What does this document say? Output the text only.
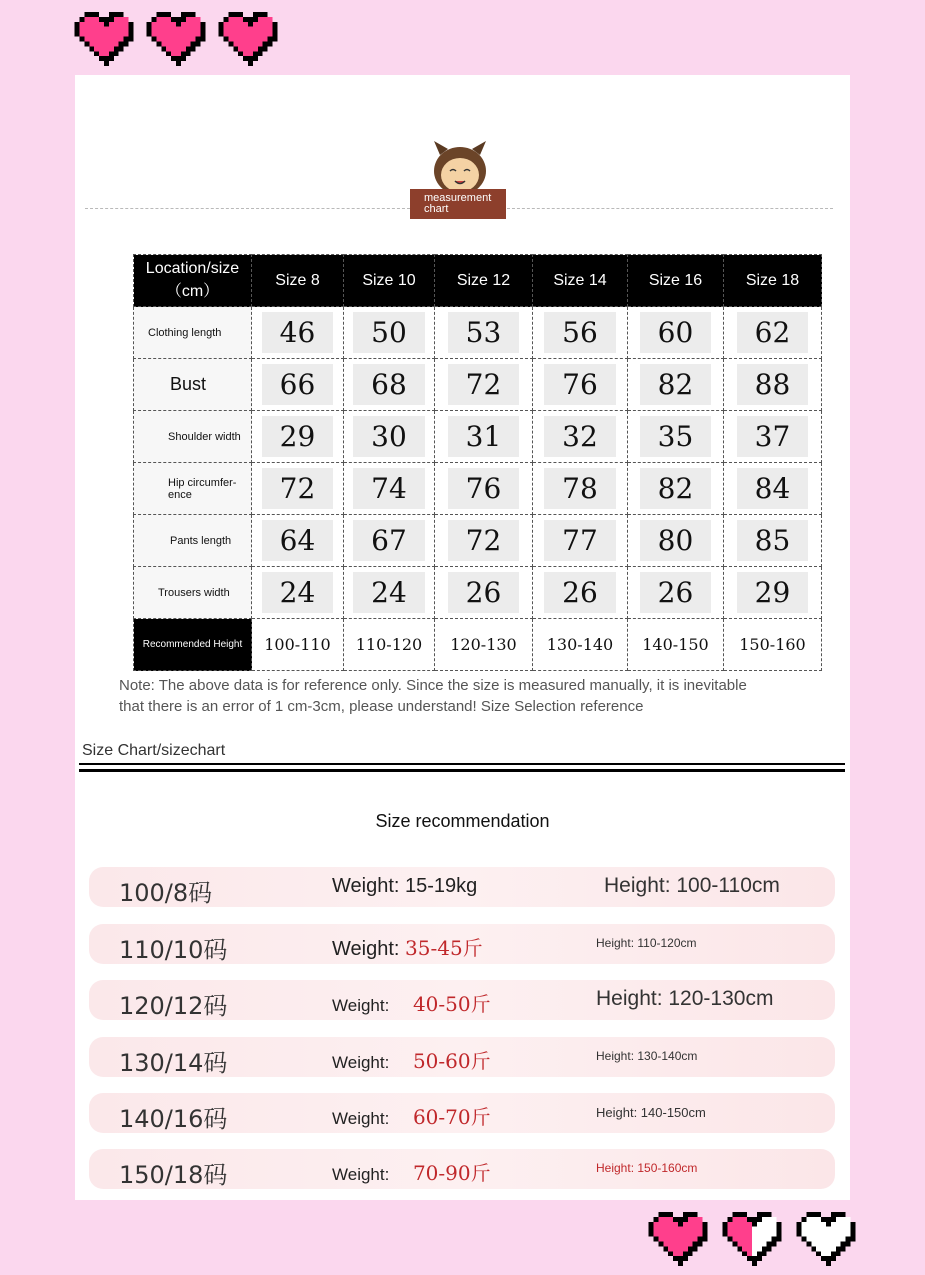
measurement
chart
Location/size
（cm）	Size 8	Size 10	Size 12	Size 14	Size 16	Size 18
Clothing length	46	50	53	56	60	62
Bust	66	68	72	76	82	88
Shoulder width	29	30	31	32	35	37
Hip circumfer-ence	72	74	76	78	82	84
Pants length	64	67	72	77	80	85
Trousers width	24	24	26	26	26	29
Recommended Height	100-110	110-120	120-130	130-140	140-150	150-160
Note: The above data is for reference only. Since the size is measured manually, it is inevitable that there is an error of 1 cm-3cm, please understand! Size Selection reference
Size Chart/sizechart
Size recommendation
100/8码	Weight: 15-19kg	Height: 100-110cm
110/10码	Weight: 35-45斤	Height: 110-120cm
120/12码	Weight: 40-50斤	Height: 120-130cm
130/14码	Weight: 50-60斤	Height: 130-140cm
140/16码	Weight: 60-70斤	Height: 140-150cm
150/18码	Weight: 70-90斤	Height: 150-160cm
